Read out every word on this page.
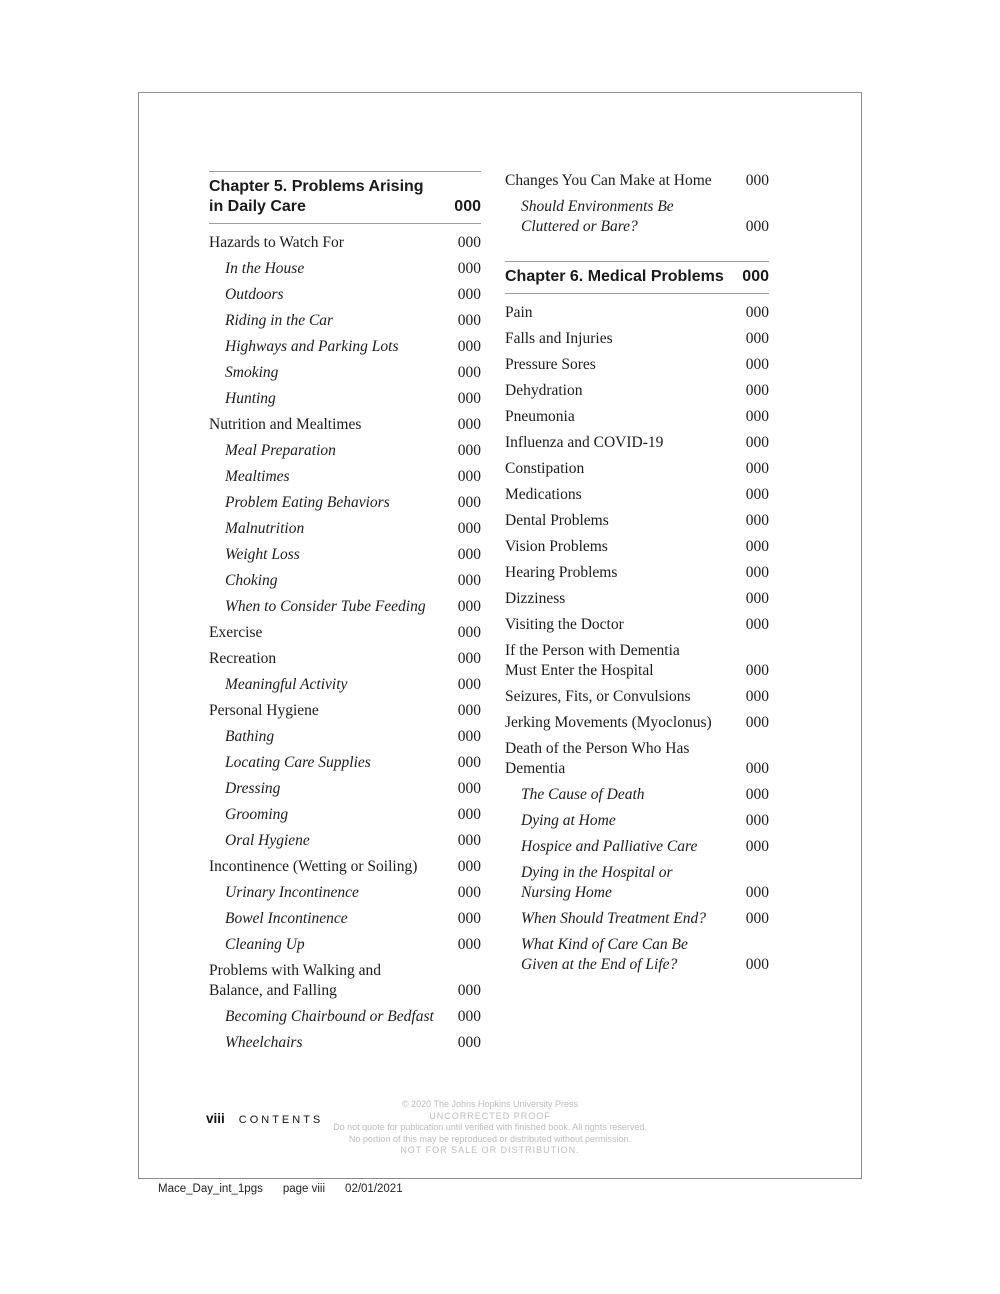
Chapter 5. Problems Arising
in Daily Care	000
Hazards to Watch For	000
In the House	000
Outdoors	000
Riding in the Car	000
Highways and Parking Lots	000
Smoking	000
Hunting	000
Nutrition and Mealtimes	000
Meal Preparation	000
Mealtimes	000
Problem Eating Behaviors	000
Malnutrition	000
Weight Loss	000
Choking	000
When to Consider Tube Feeding 000
Exercise	000
Recreation	000
Meaningful Activity	000
Personal Hygiene	000
Bathing	000
Locating Care Supplies	000
Dressing	000
Grooming	000
Oral Hygiene	000
Incontinence (Wetting or Soiling)	000
Urinary Incontinence	000
Bowel Incontinence	000
Cleaning Up	000
Problems with Walking and
Balance, and Falling	000
Becoming Chairbound or Bedfast 000
Wheelchairs	000
Changes You Can Make at Home 000
Should Environments Be
Cluttered or Bare?	000
Chapter 6. Medical Problems 000
Pain	000
Falls and Injuries	000
Pressure Sores	000
Dehydration	000
Pneumonia	000
Influenza and COVID-19	000
Constipation	000
Medications	000
Dental Problems	000
Vision Problems	000
Hearing Problems	000
Dizziness	000
Visiting the Doctor	000
If the Person with Dementia
Must Enter the Hospital	000
Seizures, Fits, or Convulsions	000
Jerking Movements (Myoclonus) 000
Death of the Person Who Has
Dementia	000
The Cause of Death	000
Dying at Home	000
Hospice and Palliative Care	000
Dying in the Hospital or
Nursing Home	000
When Should Treatment End?	000
What Kind of Care Can Be
Given at the End of Life?	000
viii CONTENTS
© 2020 The Johns Hopkins University Press
UNCORRECTED PROOF
Do not quote for publication until verified with finished book. All rights reserved.
No portion of this may be reproduced or distributed without permission.
NOT FOR SALE OR DISTRIBUTION.
Mace_Day_int_1pgs page viii 02/01/2021
